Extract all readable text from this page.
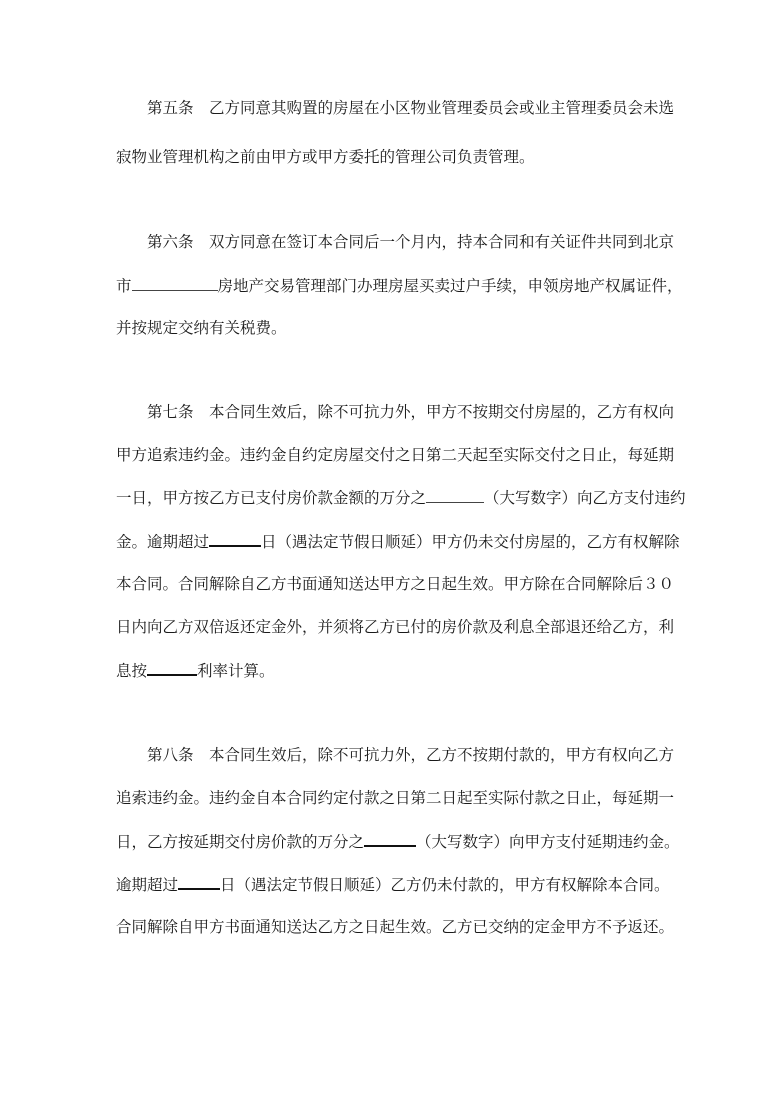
第五条　乙方同意其购置的房屋在小区物业管理委员会或业主管理委员会未选
寂物业管理机构之前由甲方或甲方委托的管理公司负责管理。
第六条　双方同意在签订本合同后一个月内，持本合同和有关证件共同到北京
市	房地产交易管理部门办理房屋买卖过户手续，申领房地产权属证件，
并按规定交纳有关税费。
第七条　本合同生效后，除不可抗力外，甲方不按期交付房屋的，乙方有权向
甲方追索违约金。违约金自约定房屋交付之日第二天起至实际交付之日止，每延期
一日，甲方按乙方已支付房价款金额的万分之	（大写数字）向乙方支付违约
金。逾期超过	日（遇法定节假日顺延）甲方仍未交付房屋的，乙方有权解除
本合同。合同解除自乙方书面通知送达甲方之日起生效。甲方除在合同解除后３０
日内向乙方双倍返还定金外，并须将乙方已付的房价款及利息全部退还给乙方，利
息按	利率计算。
第八条　本合同生效后，除不可抗力外，乙方不按期付款的，甲方有权向乙方
追索违约金。违约金自本合同约定付款之日第二日起至实际付款之日止，每延期一
日，乙方按延期交付房价款的万分之	（大写数字）向甲方支付延期违约金。
逾期超过	日（遇法定节假日顺延）乙方仍未付款的，甲方有权解除本合同。
合同解除自甲方书面通知送达乙方之日起生效。乙方已交纳的定金甲方不予返还。
